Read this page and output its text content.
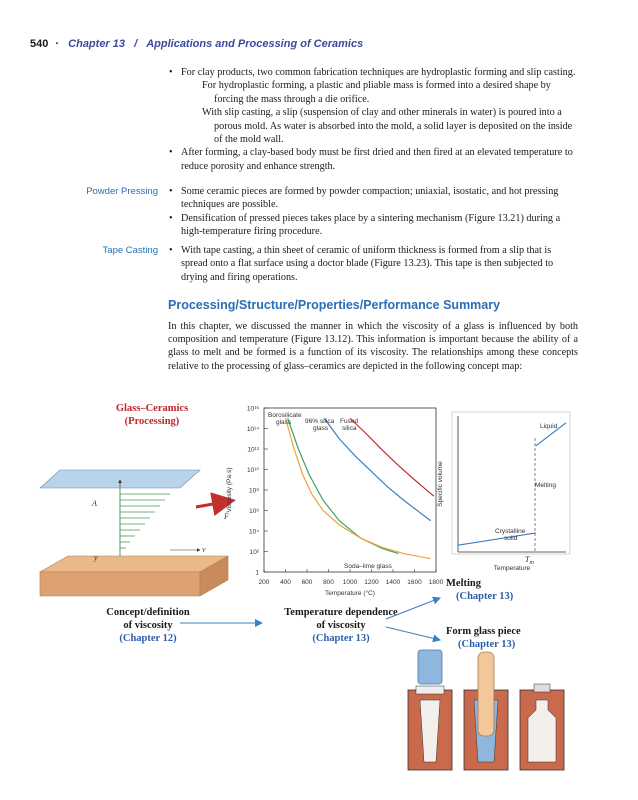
540 · Chapter 13 / Applications and Processing of Ceramics

• For clay products, two common fabrication techniques are hydroplastic forming and slip casting.

For hydroplastic forming, a plastic and pliable mass is formed into a desired shape by forcing the mass through a die orifice.

With slip casting, a slip (suspension of clay and other minerals in water) is poured into a porous mold. As water is absorbed into the mold, a solid layer is deposited on the inside of the mold wall.

• After forming, a clay-based body must be first dried and then fired at an elevated temperature to reduce porosity and enhance strength.

Powder Pressing	• Some ceramic pieces are formed by powder compaction; uniaxial, isostatic, and hot pressing techniques are possible.

• Densification of pressed pieces takes place by a sintering mechanism (Figure 13.21) during a high-temperature firing procedure.

Tape Casting	• With tape casting, a thin sheet of ceramic of uniform thickness is formed from a slip that is spread onto a flat surface using a doctor blade (Figure 13.23). This tape is then subjected to drying and firing operations.

Processing/Structure/Properties/Performance Summary
In this chapter, we discussed the manner in which the viscosity of a glass is influenced by both composition and temperature (Figure 13.12). This information is important because the ability of a glass to melt and be formed is a function of its viscosity. The relationships among these concepts relative to the processing of glass–ceramics are depicted in the following concept map:
Glass–Ceramics
(Processing)
Concept/definition
of viscosity
(Chapter 12)
Temperature dependence
of viscosity
(Chapter 13)
Melting
(Chapter 13)
Form glass piece
(Chapter 13)
A
F
y
v
200 400 600 800 1000 1200 1400 1600 1800
1
10²
10⁴
10⁶
10⁸
10¹⁰
10¹²
10¹⁴
10¹⁶
Temperature (°C)
Viscosity (Pa·s)
Borosilicate
glass 96% silica
glass
Fused
silica
Soda–lime glass
Liquid
Melting
Crystalline
solid
$T_m$
Temperature
Specific volume
